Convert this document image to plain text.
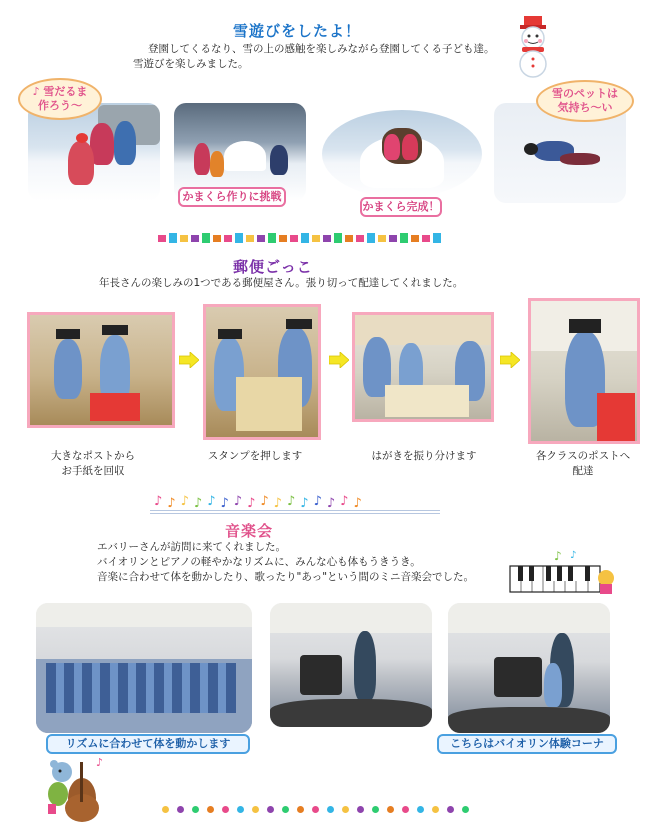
雪遊びをしたよ！
登園してくるなり、雪の上の感触を楽しみながら登園してくる子ども達。
雪遊びを楽しみました。
♪ 雪だるま
作ろう～
かまくら作りに挑戦
かまくら完成！
雪のペットは
気持ち～い
郵便ごっこ
年長さんの楽しみの1つである郵便屋さん。張り切って配達してくれました。
大きなポストから
お手紙を回収
スタンプを押します	はがきを振り分けます	各クラスのポストへ
配達
♪ ♪ ♪ ♪ ♪ ♪ ♪ ♪ ♪ ♪ ♪ ♪ ♪ ♪ ♪ ♪
音楽会
エバリーさんが訪問に来てくれました。
バイオリンとピアノの軽やかなリズムに、みんな心も体もうきうき。
音楽に合わせて体を動かしたり、歌ったり"あっ"という間のミニ音楽会でした。
♪ ♪
リズムに合わせて体を動かします	こちらはバイオリン体験コーナ
♪
